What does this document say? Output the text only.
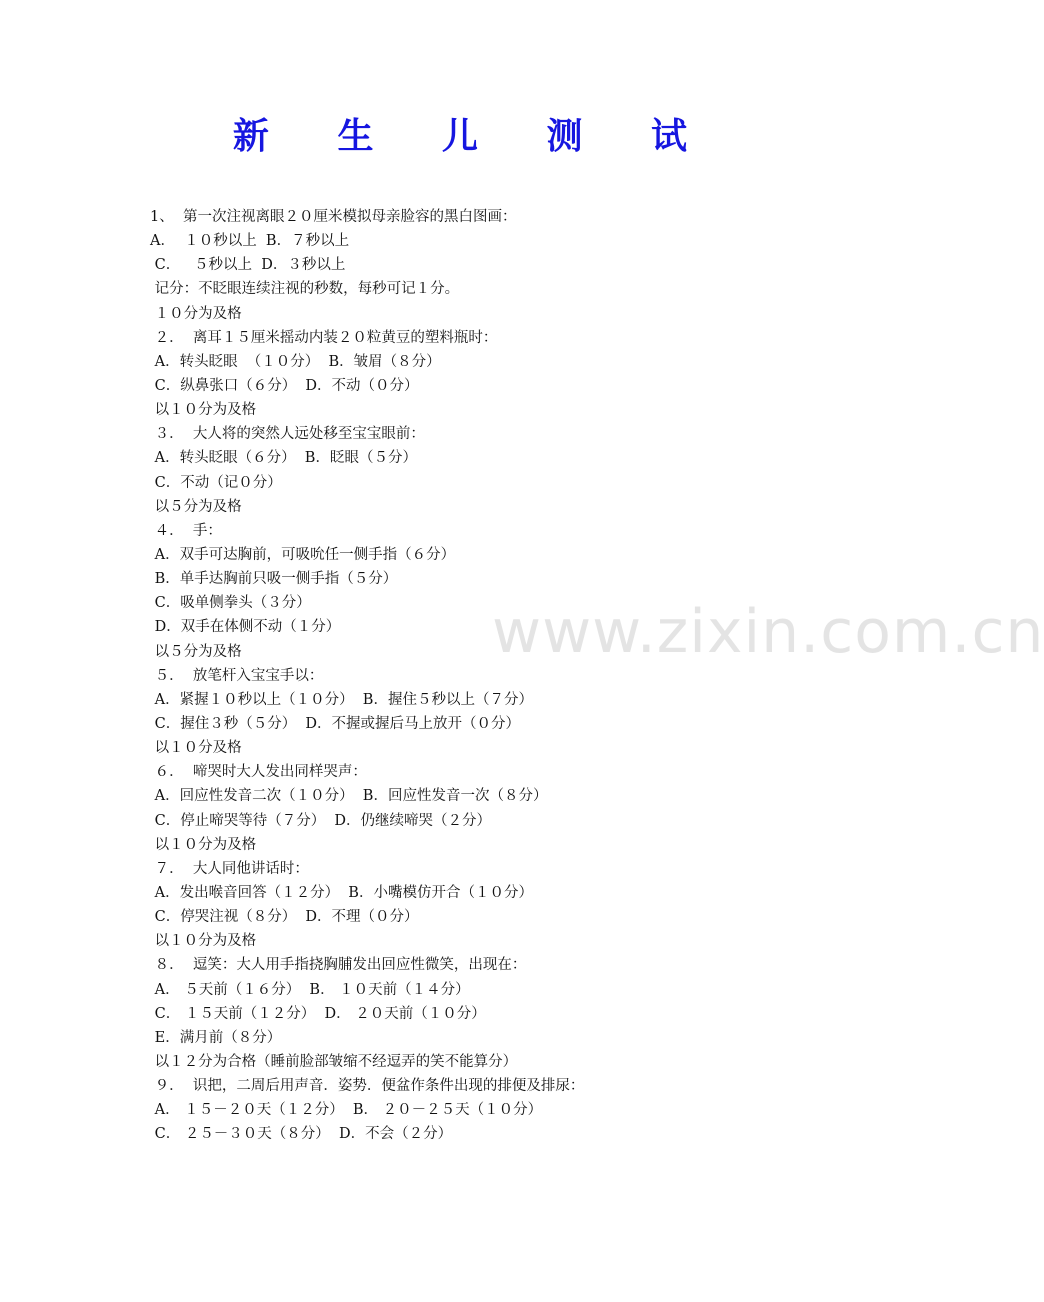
新 生 儿 测 试
1、  第一次注视离眼２０厘米模拟母亲脸容的黑白图画：
A．  １０秒以上  B．７秒以上
C．   ５秒以上  D．３秒以上
记分：不眨眼连续注视的秒数，每秒可记１分。
１０分为及格
２．  离耳１５厘米摇动内装２０粒黄豆的塑料瓶时：
A．转头眨眼  （１０分）  B．皱眉（８分）
C．纵鼻张口（６分）  D．不动（０分）
以１０分为及格
３．  大人将的突然人远处移至宝宝眼前：
A．转头眨眼（６分）  B．眨眼（５分）
C．不动（记０分）
以５分为及格
４．  手：
A．双手可达胸前，可吸吮任一侧手指（６分）
B．单手达胸前只吸一侧手指（５分）
C．吸单侧拳头（３分）
D．双手在体侧不动（１分）
以５分为及格
５．  放笔杆入宝宝手以：
A．紧握１０秒以上（１０分）  B．握住５秒以上（７分）
C．握住３秒（５分）  D．不握或握后马上放开（０分）
以１０分及格
６．  啼哭时大人发出同样哭声：
A．回应性发音二次（１０分）  B．回应性发音一次（８分）
C．停止啼哭等待（７分）  D．仍继续啼哭（２分）
以１０分为及格
７．  大人同他讲话时：
A．发出喉音回答（１２分）  B．小嘴模仿开合（１０分）
C．停哭注视（８分）  D．不理（０分）
以１０分为及格
８．  逗笑：大人用手指挠胸脯发出回应性微笑，出现在：
A． ５天前（１６分）  B． １０天前（１４分）
C． １５天前（１２分）  D． ２０天前（１０分）
E．满月前（８分）
以１２分为合格（睡前脸部皱缩不经逗弄的笑不能算分）
９．  识把，二周后用声音．姿势．便盆作条件出现的排便及排尿：
A． １５－２０天（１２分）  B． ２０－２５天（１０分）
C． ２５－３０天（８分）  D．不会（２分）
www.zixin.com.cn
